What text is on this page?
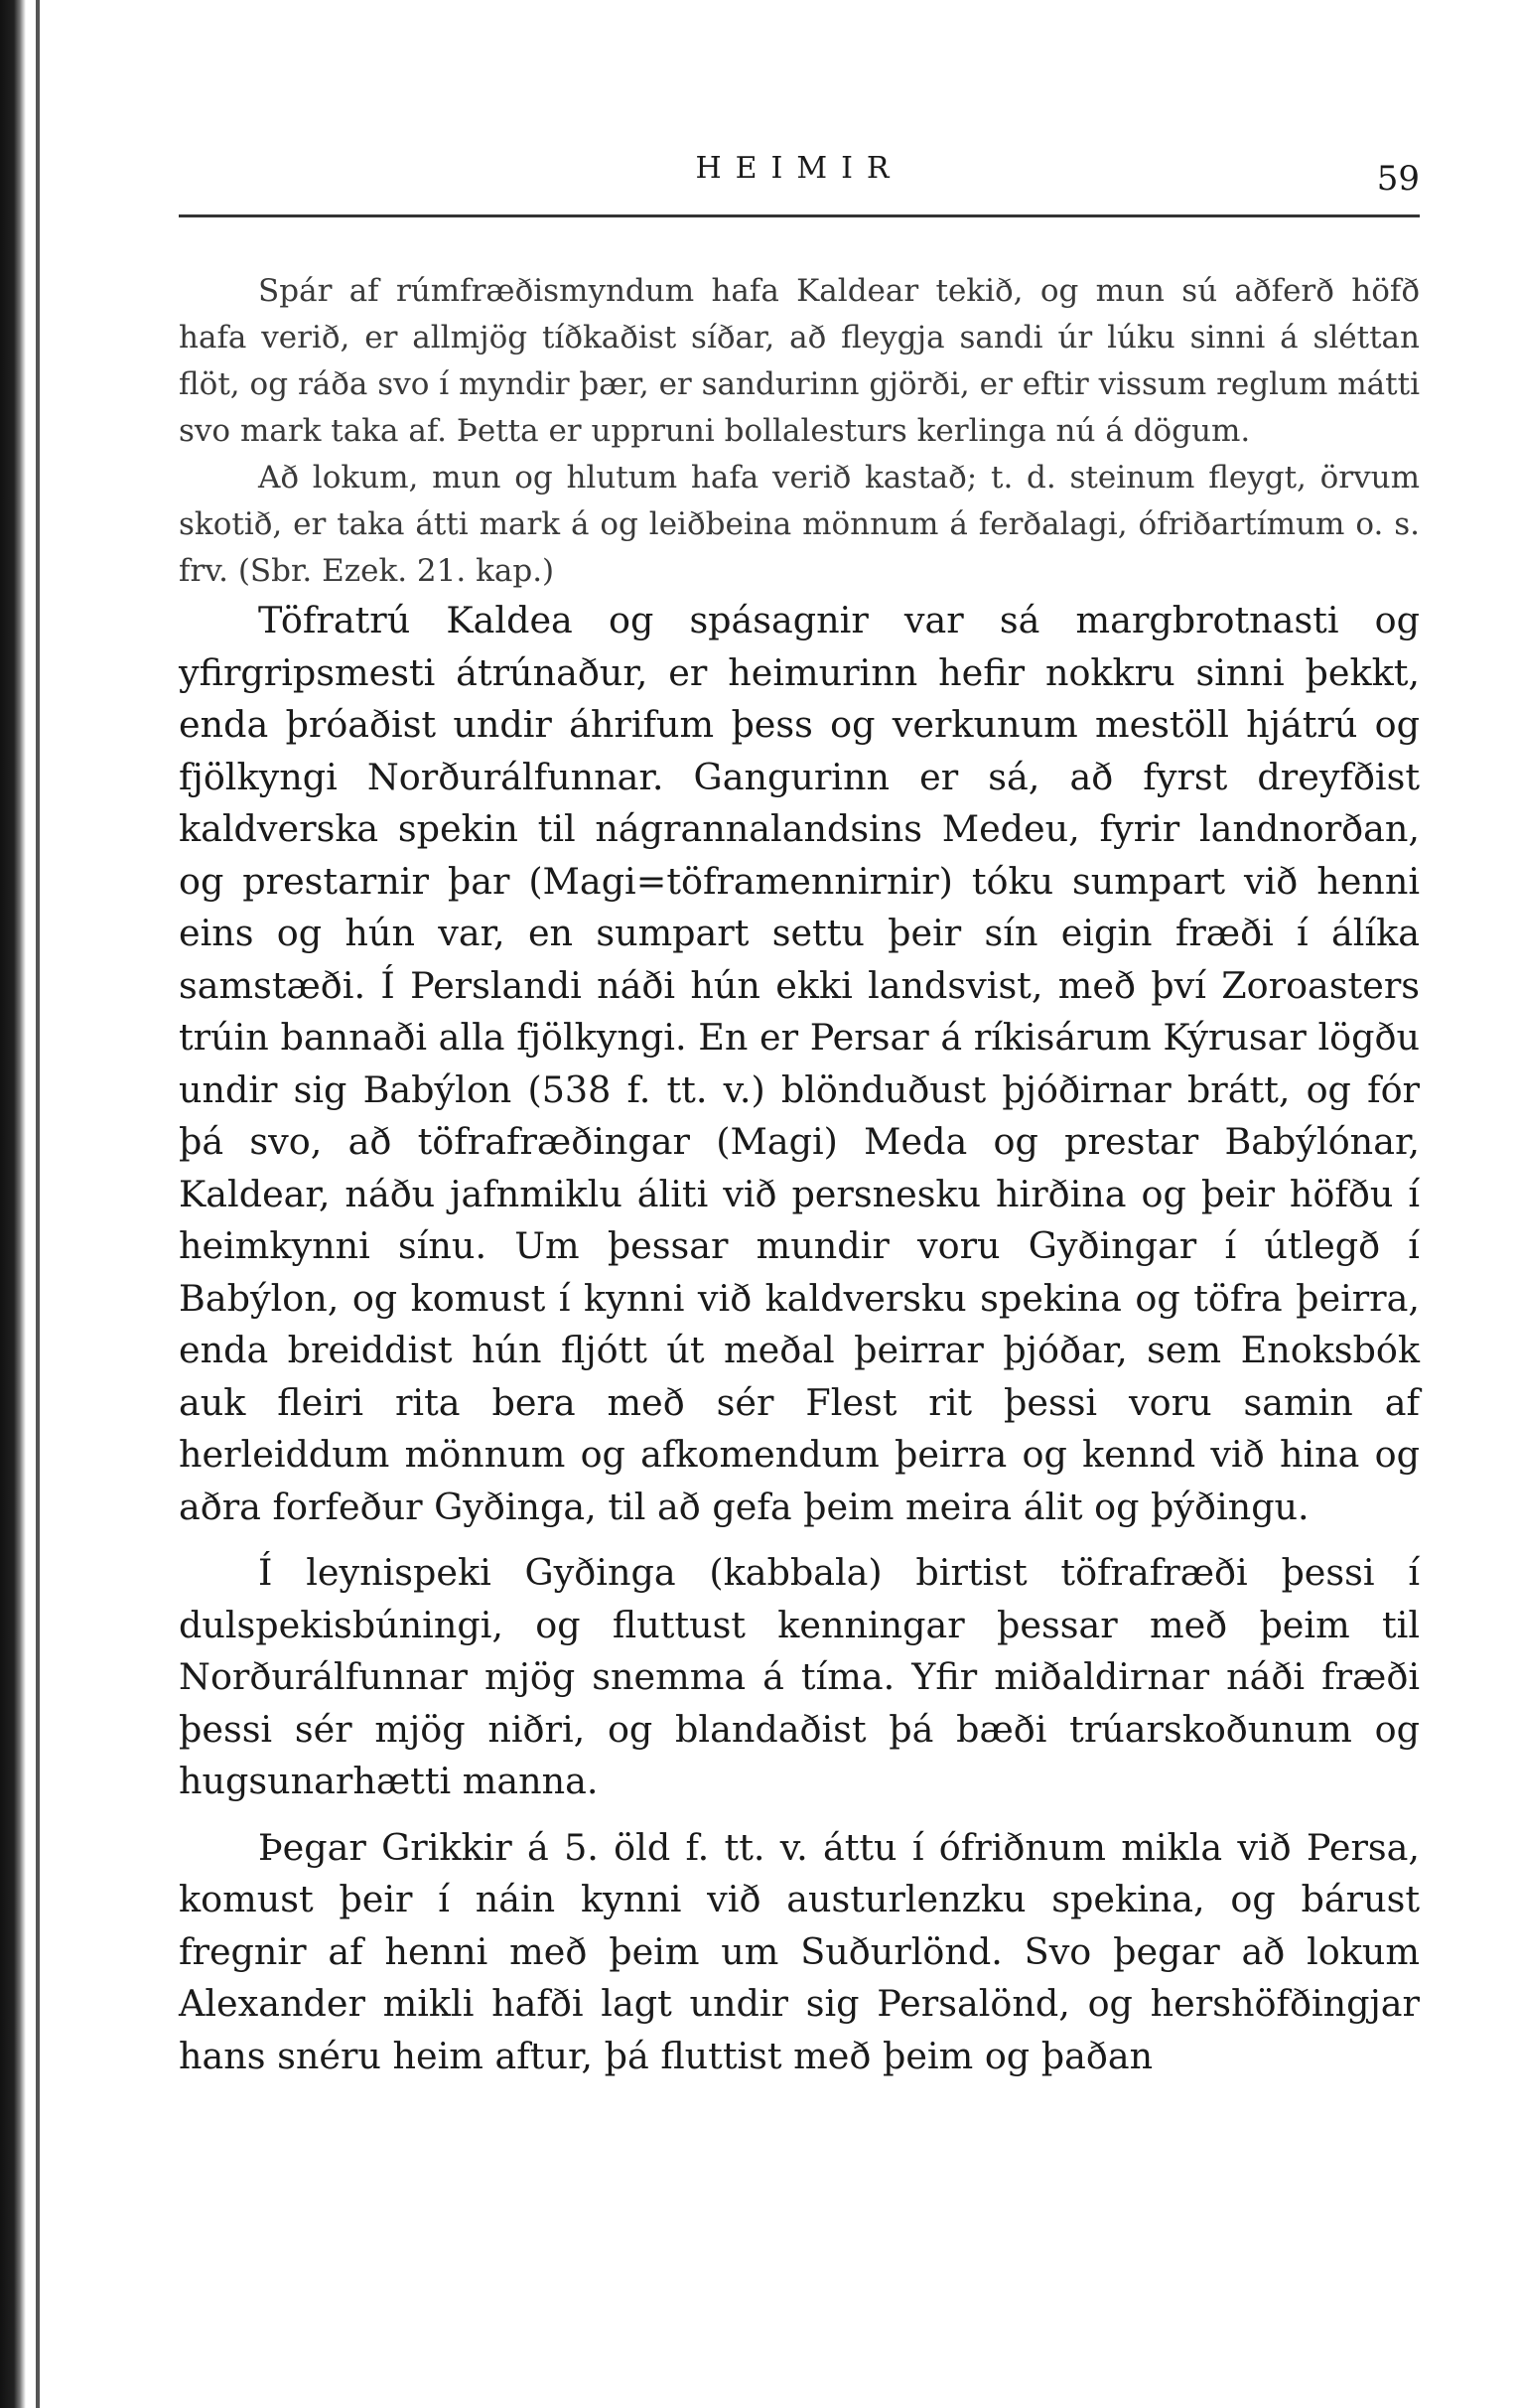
HEIMIR	59

Spár af rúmfræðismyndum hafa Kaldear tekið, og mun sú aðferð höfð hafa verið, er allmjög tíðkaðist síðar, að fleygja sandi úr lúku sinni á sléttan flöt, og ráða svo í myndir þær, er sandurinn gjörði, er eftir vissum reglum mátti svo mark taka af. Þetta er uppruni bollalesturs kerlinga nú á dögum.

Að lokum, mun og hlutum hafa verið kastað; t. d. steinum fleygt, örvum skotið, er taka átti mark á og leiðbeina mönnum á ferðalagi, ófriðartímum o. s. frv. (Sbr. Ezek. 21. kap.)

Töfratrú Kaldea og spásagnir var sá margbrotnasti og yfirgripsmesti átrúnaður, er heimurinn hefir nokkru sinni þekkt, enda þróaðist undir áhrifum þess og verkunum mestöll hjátrú og fjölkyngi Norðurálfunnar. Gangurinn er sá, að fyrst dreyfðist kaldverska spekin til nágrannalandsins Medeu, fyrir landnorðan, og prestarnir þar (Magi=töframennirnir) tóku sumpart við henni eins og hún var, en sumpart settu þeir sín eigin fræði í álíka samstæði. Í Perslandi náði hún ekki landsvist, með því Zoroasters trúin bannaði alla fjölkyngi. En er Persar á ríkisárum Kýrusar lögðu undir sig Babýlon (538 f. tt. v.) blönduðust þjóðirnar brátt, og fór þá svo, að töfrafræðingar (Magi) Meda og prestar Babýlónar, Kaldear, náðu jafnmiklu áliti við persnesku hirðina og þeir höfðu í heimkynni sínu. Um þessar mundir voru Gyðingar í útlegð í Babýlon, og komust í kynni við kaldversku spekina og töfra þeirra, enda breiddist hún fljótt út meðal þeirrar þjóðar, sem Enoksbók auk fleiri rita bera með sér Flest rit þessi voru samin af herleiddum mönnum og afkomendum þeirra og kennd við hina og aðra forfeður Gyðinga, til að gefa þeim meira álit og þýðingu.

Í leynispeki Gyðinga (kabbala) birtist töfrafræði þessi í dulspekisbúningi, og fluttust kenningar þessar með þeim til Norðurálfunnar mjög snemma á tíma. Yfir miðaldirnar náði fræði þessi sér mjög niðri, og blandaðist þá bæði trúarskoðunum og hugsunarhætti manna.

Þegar Grikkir á 5. öld f. tt. v. áttu í ófriðnum mikla við Persa, komust þeir í náin kynni við austurlenzku spekina, og bárust fregnir af henni með þeim um Suðurlönd. Svo þegar að lokum Alexander mikli hafði lagt undir sig Persalönd, og hershöfðingjar hans snéru heim aftur, þá fluttist með þeim og þaðan
